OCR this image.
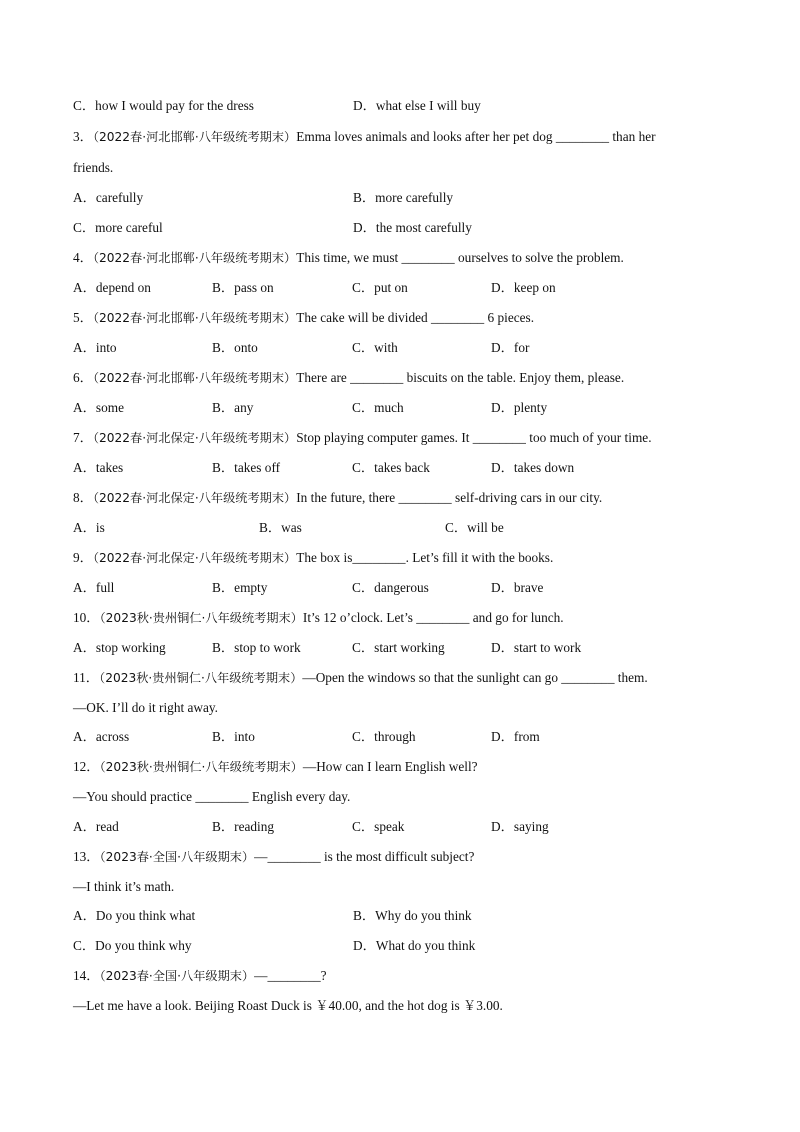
C．how I would pay for the dress	D．what else I will buy
3．（2022春·河北邯郸·八年级统考期末）Emma loves animals and looks after her pet dog ________ than her
friends.
A．carefully	B．more carefully
C．more careful	D．the most carefully
4．（2022春·河北邯郸·八年级统考期末）This time, we must ________ ourselves to solve the problem.
A．depend on	B．pass on	C．put on	D．keep on
5．（2022春·河北邯郸·八年级统考期末）The cake will be divided ________ 6 pieces.
A．into	B．onto	C．with	D．for
6．（2022春·河北邯郸·八年级统考期末）There are ________ biscuits on the table. Enjoy them, please.
A．some	B．any	C．much	D．plenty
7．（2022春·河北保定·八年级统考期末）Stop playing computer games. It ________ too much of your time.
A．takes	B．takes off	C．takes back	D．takes down
8．（2022春·河北保定·八年级统考期末）In the future, there ________ self-driving cars in our city.
A．is	B．was	C．will be
9．（2022春·河北保定·八年级统考期末）The box is________. Let’s fill it with the books.
A．full	B．empty	C．dangerous	D．brave
10．（2023秋·贵州铜仁·八年级统考期末）It’s 12 o’clock. Let’s ________ and go for lunch.
A．stop working	B．stop to work	C．start working	D．start to work
11．（2023秋·贵州铜仁·八年级统考期末）—Open the windows so that the sunlight can go ________ them.
—OK. I’ll do it right away.
A．across	B．into	C．through	D．from
12．（2023秋·贵州铜仁·八年级统考期末）—How can I learn English well?
—You should practice ________ English every day.
A．read	B．reading	C．speak	D．saying
13．（2023春·全国·八年级期末）—________ is the most difficult subject?
—I think it’s math.
A．Do you think what	B．Why do you think
C．Do you think why	D．What do you think
14．（2023春·全国·八年级期末）—________?
—Let me have a look. Beijing Roast Duck is ￥40.00, and the hot dog is ￥3.00.
